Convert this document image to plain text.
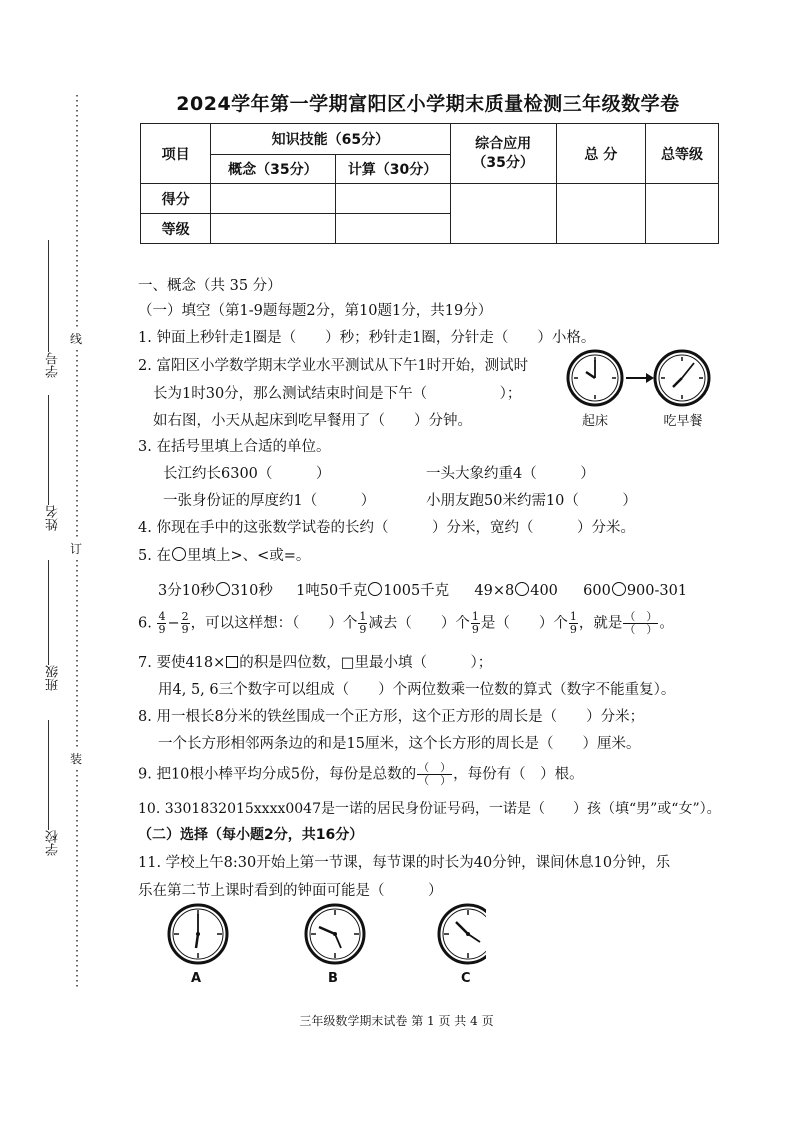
线
订
装
学号
姓名
班级
学校
2024学年第一学期富阳区小学期末质量检测三年级数学卷
项目	知识技能（65分）		综合应用（35分）	总 分	总等级
	概念（35分）	计算（30分）			
得分					
等级					
一、概念（共 35 分）
（一）填空（第1-9题每题2分，第10题1分，共19分）
1. 钟面上秒针走1圈是（　　）秒；秒针走1圈，分针走（　　）小格。
2. 富阳区小学数学期末学业水平测试从下午1时开始，测试时
长为1时30分，那么测试结束时间是下午（　　　　　）；
如右图，小天从起床到吃早餐用了（　　）分钟。	起床	吃早餐
3. 在括号里填上合适的单位。
长江约长6300（　　　）	一头大象约重4（　　　）
一张身份证的厚度约1（　　　）	小朋友跑50米约需10（　　　）
4. 你现在手中的这张数学试卷的长约（　　　）分米，宽约（　　　）分米。
5. 在 里填上>、<或=。
3分10秒 310秒 1吨50千克 1005千克 49×8 400 600 900-301
6. $\frac{4}{9} - \frac{2}{9}$ ，可以这样想：（　　）个 $\frac{1}{9}$ 减去（　　）个 $\frac{1}{9}$ 是（　　）个 $\frac{1}{9}$ ，就是 $\frac{( )}{( )}$ 。
7. 要使418× 的积是四位数，□里最小填（　　　）；
用4, 5, 6三个数字可以组成（　　）个两位数乘一位数的算式（数字不能重复）。
8. 用一根长8分米的铁丝围成一个正方形，这个正方形的周长是（　　）分米；
一个长方形相邻两条边的和是15厘米，这个长方形的周长是（　　）厘米。
9. 把10根小棒平均分成5份，每份是总数的 $\frac{( )}{( )}$ ，每份有（　）根。
10. 3301832015xxxx0047是一诺的居民身份证号码，一诺是（　　）孩（填“男”或“女”）。
（二）选择（每小题2分，共16分）
11. 学校上午8:30开始上第一节课，每节课的时长为40分钟，课间休息10分钟，乐
乐在第二节上课时看到的钟面可能是（　　　）
A	B	C
三年级数学期末试卷 第 1 页 共 4 页
